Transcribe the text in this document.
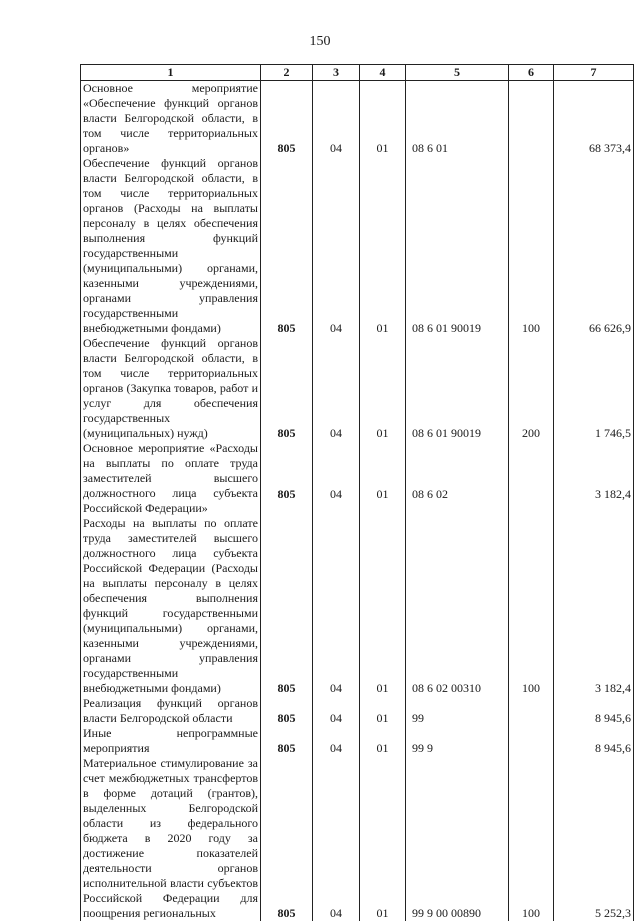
150
1	2	3	4	5	6	7
Основное мероприятие «Обеспечение функций органов власти Белгородской области, в том числе территориальных органов»	805	04	01	08 6 01		68 373,4
Обеспечение функций органов власти Белгородской области, в том числе территориальных органов (Расходы на выплаты персоналу в целях обеспечения выполнения функций государственными (муниципальными) органами, казенными учреждениями, органами управления государственными внебюджетными фондами)	805	04	01	08 6 01 90019	100	66 626,9
Обеспечение функций органов власти Белгородской области, в том числе территориальных органов (Закупка товаров, работ и услуг для обеспечения государственных (муниципальных) нужд)	805	04	01	08 6 01 90019	200	1 746,5
Основное мероприятие «Расходы на выплаты по оплате труда заместителей высшего должностного лица субъекта Российской Федерации»	805	04	01	08 6 02		3 182,4
Расходы на выплаты по оплате труда заместителей высшего должностного лица субъекта Российской Федерации (Расходы на выплаты персоналу в целях обеспечения выполнения функций государственными (муниципальными) органами, казенными учреждениями, органами управления государственными внебюджетными фондами)	805	04	01	08 6 02 00310	100	3 182,4
Реализация функций органов власти Белгородской области	805	04	01	99		8 945,6
Иные непрограммные мероприятия	805	04	01	99 9		8 945,6
Материальное стимулирование за счет межбюджетных трансфертов в форме дотаций (грантов), выделенных Белгородской области из федерального бюджета в 2020 году за достижение показателей деятельности органов исполнительной власти субъектов Российской Федерации для поощрения региональных	805	04	01	99 9 00 00890	100	5 252,3
